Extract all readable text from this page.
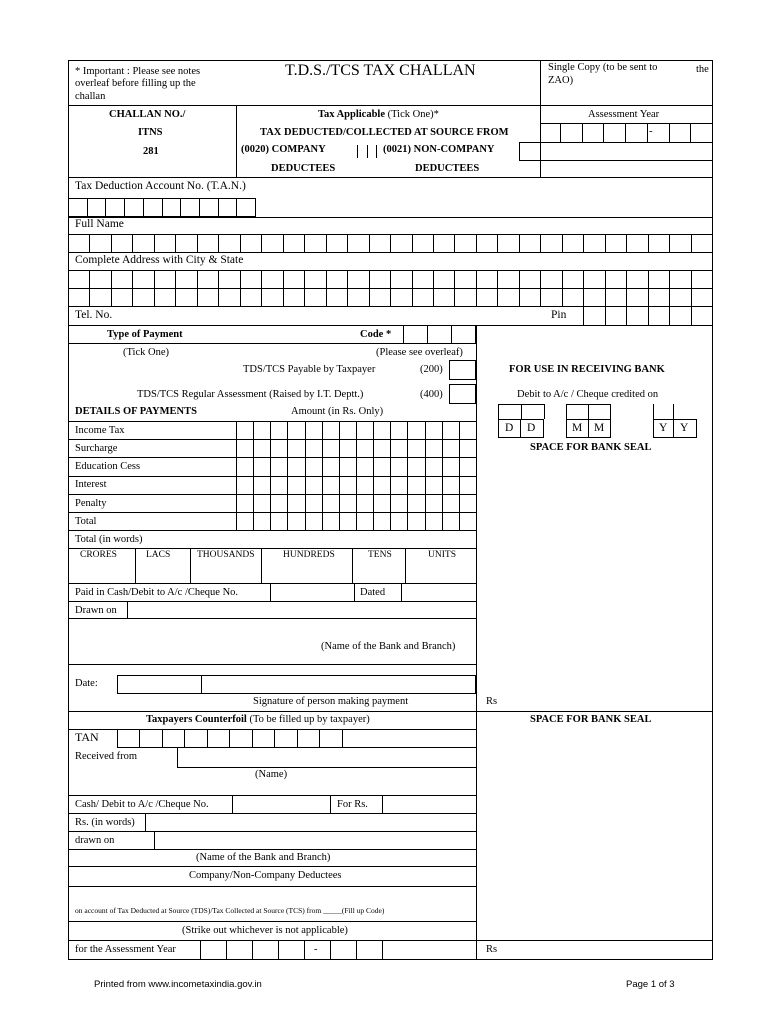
* Important : Please see notes
overleaf before filling up the
challan
T.D.S./TCS TAX CHALLAN	Single Copy (to be sent to	the
ZAO)
CHALLAN NO./
ITNS
281
Tax Applicable (Tick One)*
TAX DEDUCTED/COLLECTED AT SOURCE FROM
(0020) COMPANY	(0021) NON-COMPANY
DEDUCTEES	DEDUCTEES
Assessment Year
-
Tax Deduction Account No. (T.A.N.)
Full Name
Complete Address with City & State
Tel. No.	Pin
Type of Payment	Code *
(Tick One)	(Please see overleaf)
TDS/TCS Payable by Taxpayer	(200)
TDS/TCS Regular Assessment (Raised by I.T. Deptt.)	(400)
FOR USE IN RECEIVING BANK
Debit to A/c / Cheque credited on
D D	M M	Y Y
SPACE FOR BANK SEAL
DETAILS OF PAYMENTS	Amount (in Rs. Only)
Income Tax
Surcharge
Education Cess
Interest
Penalty
Total
Total (in words)
CRORES	LACS	THOUSANDS	HUNDREDS	TENS	UNITS
Paid in Cash/Debit to A/c /Cheque No.	Dated
Drawn on
(Name of the Bank and Branch)
Date:
Signature of person making payment	Rs
Taxpayers Counterfoil (To be filled up by taxpayer)	SPACE FOR BANK SEAL
TAN
Received from
(Name)
Cash/ Debit to A/c /Cheque No.	For Rs.
Rs. (in words)
drawn on
(Name of the Bank and Branch)
Company/Non-Company Deductees
on account of Tax Deducted at Source (TDS)/Tax Collected at Source (TCS) from _____(Fill up Code)
(Strike out whichever is not applicable)
for the Assessment Year	-	Rs
Printed from www.incometaxindia.gov.in	Page 1 of 3
